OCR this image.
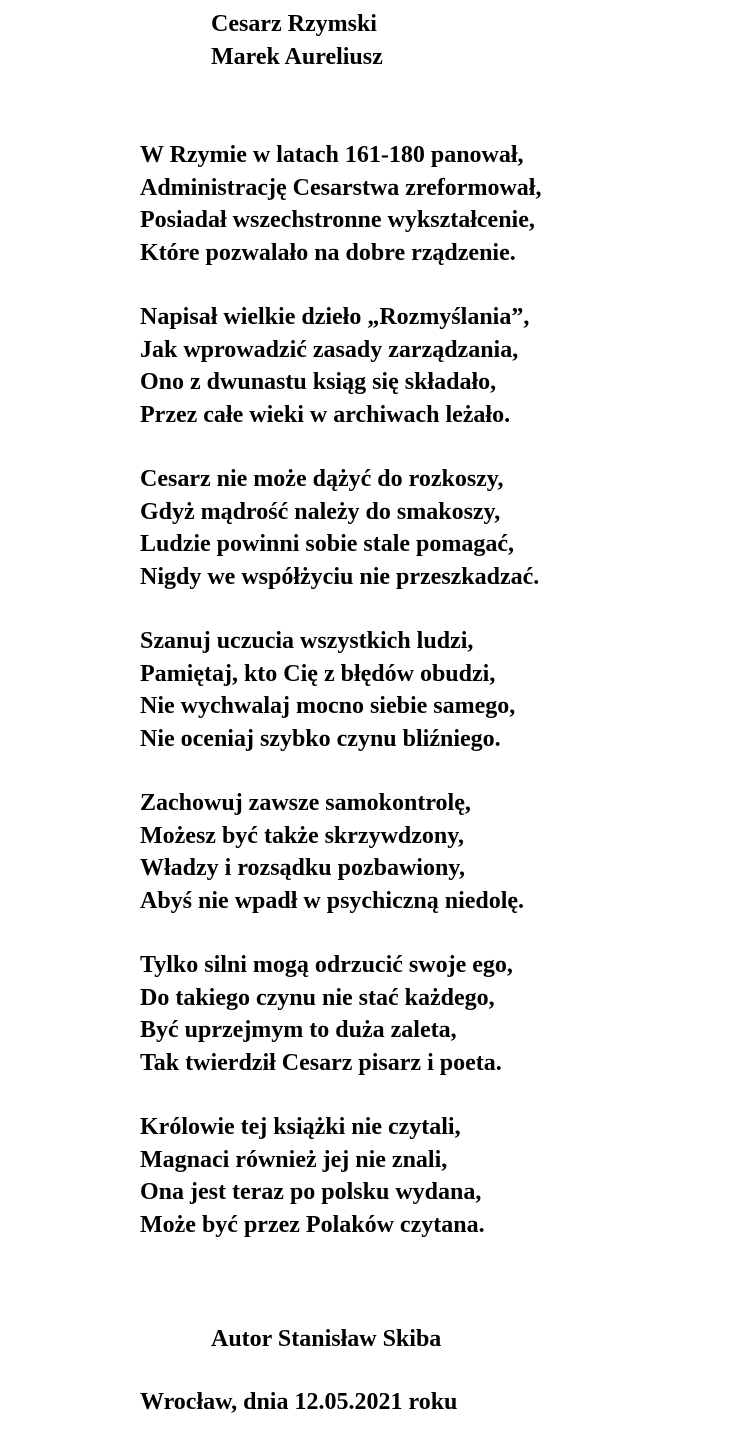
Cesarz Rzymski
Marek Aureliusz
W Rzymie w latach 161-180 panował,
Administrację Cesarstwa zreformował,
Posiadał wszechstronne wykształcenie,
Które pozwalało na dobre rządzenie.
Napisał wielkie dzieło „Rozmyślania”,
Jak wprowadzić zasady zarządzania,
Ono z dwunastu ksiąg się składało,
Przez całe wieki w archiwach leżało.
Cesarz nie może dążyć do rozkoszy,
Gdyż mądrość należy do smakoszy,
Ludzie powinni sobie stale pomagać,
Nigdy we współżyciu nie przeszkadzać.
Szanuj uczucia wszystkich ludzi,
Pamiętaj, kto Cię z błędów obudzi,
Nie wychwalaj mocno siebie samego,
Nie oceniaj szybko czynu bliźniego.
Zachowuj zawsze samokontrolę,
Możesz być także skrzywdzony,
Władzy i rozsądku pozbawiony,
Abyś nie wpadł w psychiczną niedolę.
Tylko silni mogą odrzucić swoje ego,
Do takiego czynu nie stać każdego,
Być uprzejmym to duża zaleta,
Tak twierdził Cesarz pisarz i poeta.
Królowie tej książki nie czytali,
Magnaci również jej nie znali,
Ona jest teraz po polsku wydana,
Może być przez Polaków czytana.
Autor Stanisław Skiba
Wrocław, dnia 12.05.2021 roku
